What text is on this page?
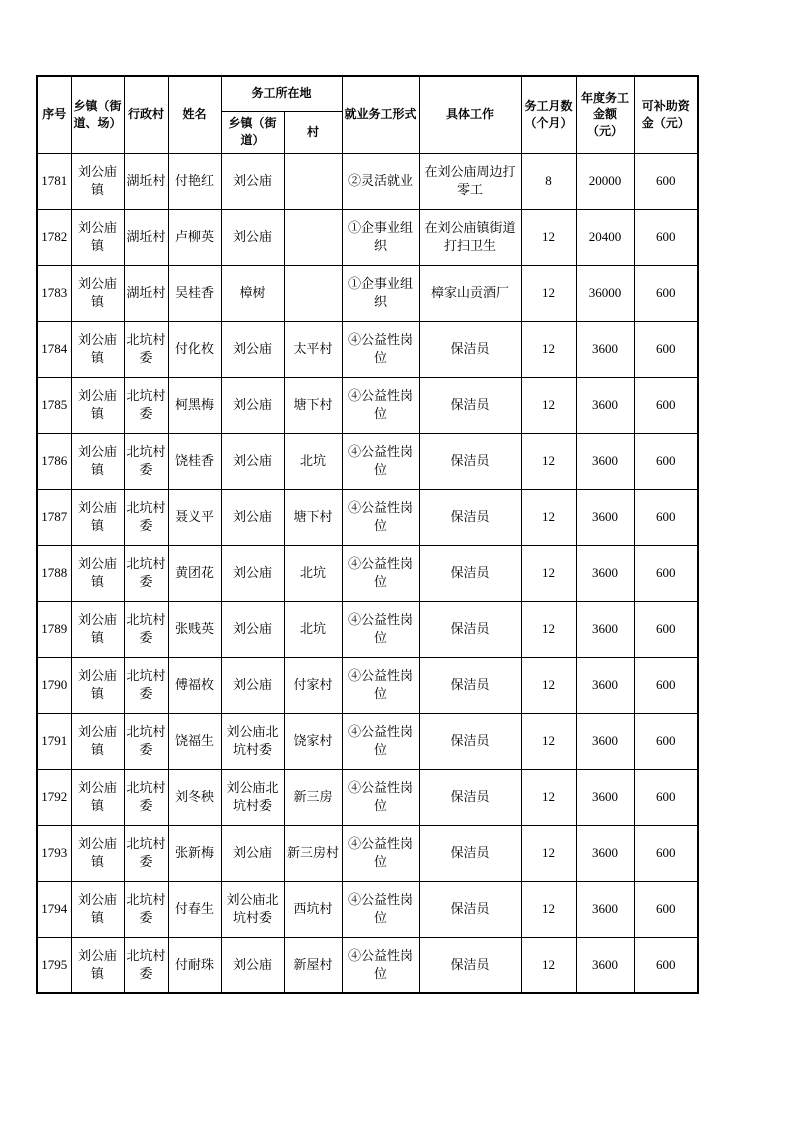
序号	乡镇（街道、场）	行政村	姓名	务工所在地		就业务工形式	具体工作	务工月数（个月）	年度务工金额（元）	可补助资金（元）
				乡镇（街道）	村					
1781	刘公庙镇	湖坵村	付艳红	刘公庙		②灵活就业	在刘公庙周边打零工	8	20000	600
1782	刘公庙镇	湖坵村	卢柳英	刘公庙		①企事业组织	在刘公庙镇街道打扫卫生	12	20400	600
1783	刘公庙镇	湖坵村	吴桂香	樟树		①企事业组织	樟家山贡酒厂	12	36000	600
1784	刘公庙镇	北坑村委	付化枚	刘公庙	太平村	④公益性岗位	保洁员	12	3600	600
1785	刘公庙镇	北坑村委	柯黑梅	刘公庙	塘下村	④公益性岗位	保洁员	12	3600	600
1786	刘公庙镇	北坑村委	饶桂香	刘公庙	北坑	④公益性岗位	保洁员	12	3600	600
1787	刘公庙镇	北坑村委	聂义平	刘公庙	塘下村	④公益性岗位	保洁员	12	3600	600
1788	刘公庙镇	北坑村委	黄团花	刘公庙	北坑	④公益性岗位	保洁员	12	3600	600
1789	刘公庙镇	北坑村委	张贱英	刘公庙	北坑	④公益性岗位	保洁员	12	3600	600
1790	刘公庙镇	北坑村委	傅福枚	刘公庙	付家村	④公益性岗位	保洁员	12	3600	600
1791	刘公庙镇	北坑村委	饶福生	刘公庙北坑村委	饶家村	④公益性岗位	保洁员	12	3600	600
1792	刘公庙镇	北坑村委	刘冬秧	刘公庙北坑村委	新三房	④公益性岗位	保洁员	12	3600	600
1793	刘公庙镇	北坑村委	张新梅	刘公庙	新三房村	④公益性岗位	保洁员	12	3600	600
1794	刘公庙镇	北坑村委	付春生	刘公庙北坑村委	西坑村	④公益性岗位	保洁员	12	3600	600
1795	刘公庙镇	北坑村委	付耐珠	刘公庙	新屋村	④公益性岗位	保洁员	12	3600	600
